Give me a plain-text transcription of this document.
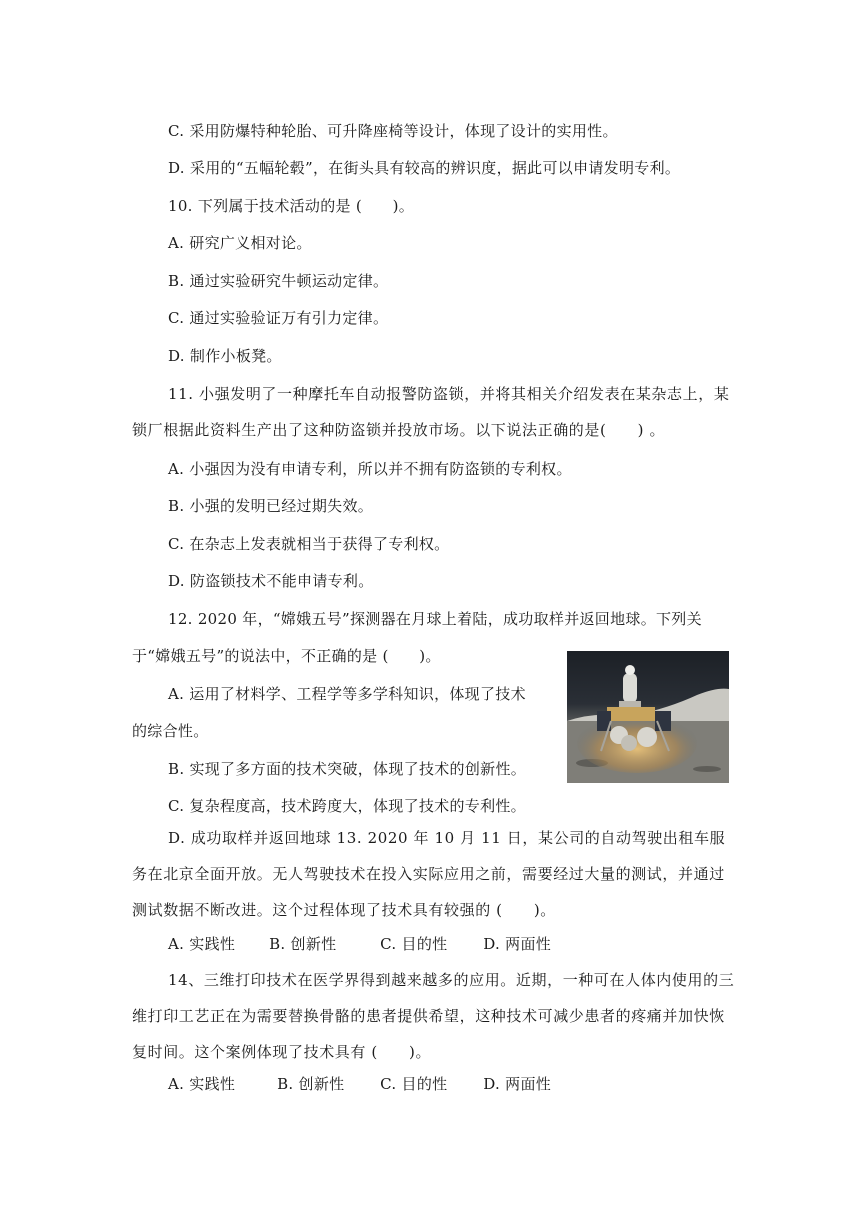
C. 采用防爆特种轮胎、可升降座椅等设计，体现了设计的实用性。
D. 采用的“五幅轮毂”，在街头具有较高的辨识度，据此可以申请发明专利。
10. 下列属于技术活动的是 (　　)。
A. 研究广义相对论。
B. 通过实验研究牛顿运动定律。
C. 通过实验验证万有引力定律。
D. 制作小板凳。
11. 小强发明了一种摩托车自动报警防盗锁，并将其相关介绍发表在某杂志上，某锁厂根据此资料生产出了这种防盗锁并投放市场。以下说法正确的是(　　) 。
A. 小强因为没有申请专利，所以并不拥有防盗锁的专利权。
B. 小强的发明已经过期失效。
C. 在杂志上发表就相当于获得了专利权。
D. 防盗锁技术不能申请专利。
12. 2020 年，“嫦娥五号”探测器在月球上着陆，成功取样并返回地球。下列关
于“嫦娥五号”的说法中，不正确的是 (　　)。
A. 运用了材料学、工程学等多学科知识，体现了技术
的综合性。
B. 实现了多方面的技术突破，体现了技术的创新性。
C. 复杂程度高，技术跨度大，体现了技术的专利性。
D. 成功取样并返回地球 13. 2020 年 10 月 11 日，某公司的自动驾驶出租车服务在北京全面开放。无人驾驶技术在投入实际应用之前，需要经过大量的测试，并通过测试数据不断改进。这个过程体现了技术具有较强的 (　　)。
A. 实践性 B. 创新性	C. 目的性 D. 两面性
14、三维打印技术在医学界得到越来越多的应用。近期，一种可在人体内使用的三维打印工艺正在为需要替换骨骼的患者提供希望，这种技术可减少患者的疼痛并加快恢复时间。这个案例体现了技术具有 (　　)。
A. 实践性	B. 创新性 C. 目的性 D. 两面性
